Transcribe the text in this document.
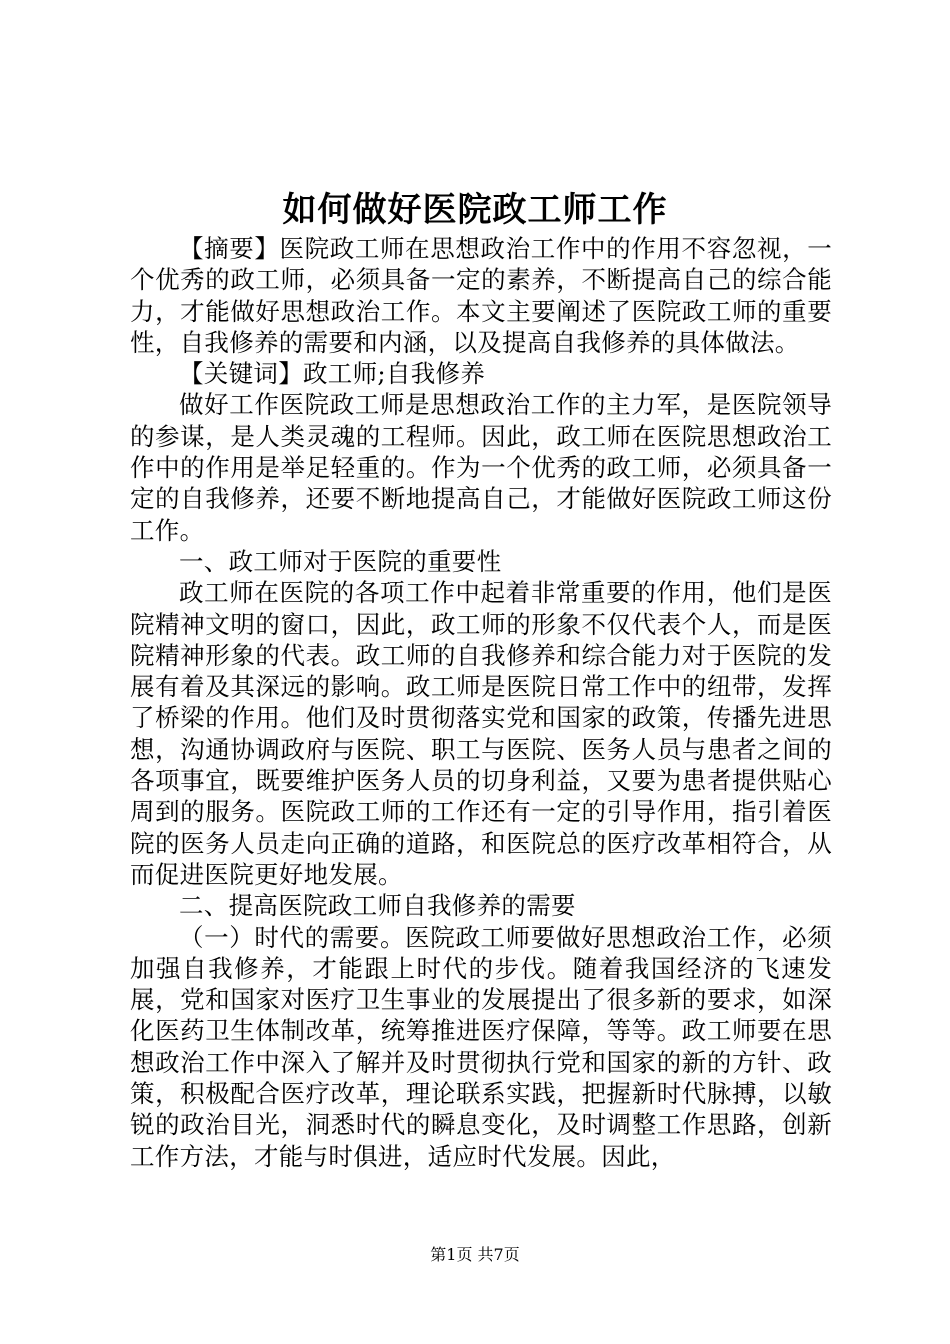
如何做好医院政工师工作

【摘要】医院政工师在思想政治工作中的作用不容忽视，一个优秀的政工师，必须具备一定的素养，不断提高自己的综合能力，才能做好思想政治工作。本文主要阐述了医院政工师的重要性，自我修养的需要和内涵，以及提高自我修养的具体做法。

【关键词】政工师;自我修养

做好工作医院政工师是思想政治工作的主力军，是医院领导的参谋，是人类灵魂的工程师。因此，政工师在医院思想政治工作中的作用是举足轻重的。作为一个优秀的政工师，必须具备一定的自我修养，还要不断地提高自己，才能做好医院政工师这份工作。

一、政工师对于医院的重要性

政工师在医院的各项工作中起着非常重要的作用，他们是医院精神文明的窗口，因此，政工师的形象不仅代表个人，而是医院精神形象的代表。政工师的自我修养和综合能力对于医院的发展有着及其深远的影响。政工师是医院日常工作中的纽带，发挥了桥梁的作用。他们及时贯彻落实党和国家的政策，传播先进思想，沟通协调政府与医院、职工与医院、医务人员与患者之间的各项事宜，既要维护医务人员的切身利益，又要为患者提供贴心周到的服务。医院政工师的工作还有一定的引导作用，指引着医院的医务人员走向正确的道路，和医院总的医疗改革相符合，从而促进医院更好地发展。

二、提高医院政工师自我修养的需要

（一）时代的需要。医院政工师要做好思想政治工作，必须加强自我修养，才能跟上时代的步伐。随着我国经济的飞速发展，党和国家对医疗卫生事业的发展提出了很多新的要求，如深化医药卫生体制改革，统筹推进医疗保障，等等。政工师要在思想政治工作中深入了解并及时贯彻执行党和国家的新的方针、政策，积极配合医疗改革，理论联系实践，把握新时代脉搏，以敏锐的政治目光，洞悉时代的瞬息变化，及时调整工作思路，创新工作方法，才能与时俱进，适应时代发展。因此，

第1页 共7页
